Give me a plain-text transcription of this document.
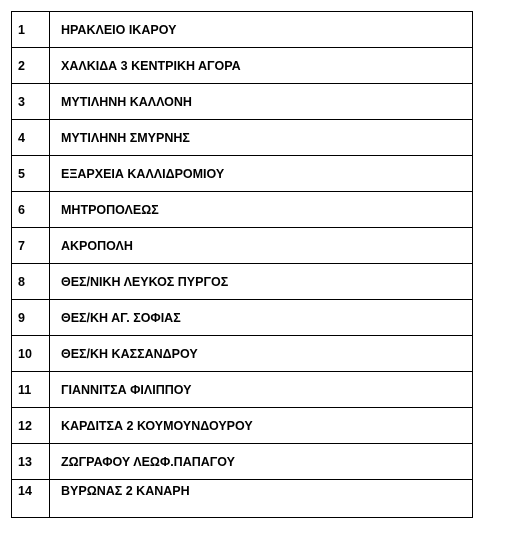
1	ΗΡΑΚΛΕΙΟ ΙΚΑΡΟΥ
2	ΧΑΛΚΙΔΑ 3 ΚΕΝΤΡΙΚΗ ΑΓΟΡΑ
3	ΜΥΤΙΛΗΝΗ ΚΑΛΛΟΝΗ
4	ΜΥΤΙΛΗΝΗ ΣΜΥΡΝΗΣ
5	ΕΞΑΡΧΕΙΑ ΚΑΛΛΙΔΡΟΜΙΟΥ
6	ΜΗΤΡΟΠΟΛΕΩΣ
7	ΑΚΡΟΠΟΛΗ
8	ΘΕΣ/ΝΙΚΗ ΛΕΥΚΟΣ ΠΥΡΓΟΣ
9	ΘΕΣ/ΚΗ ΑΓ. ΣΟΦΙΑΣ
10	ΘΕΣ/ΚΗ ΚΑΣΣΑΝΔΡΟΥ
11	ΓΙΑΝΝΙΤΣΑ ΦΙΛΙΠΠΟΥ
12	ΚΑΡΔΙΤΣΑ 2 ΚΟΥΜΟΥΝΔΟΥΡΟΥ
13	ΖΩΓΡΑΦΟΥ ΛΕΩΦ.ΠΑΠΑΓΟΥ
14	ΒΥΡΩΝΑΣ 2 ΚΑΝΑΡΗ
